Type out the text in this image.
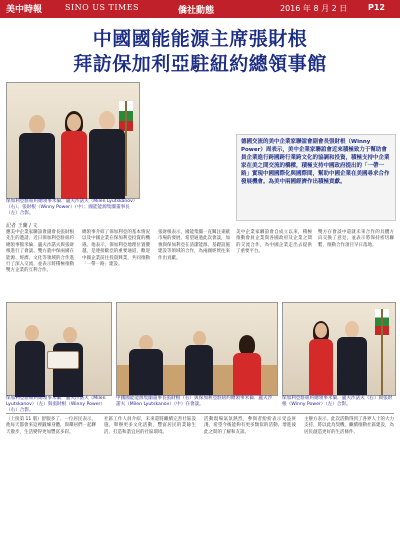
美中時報	SINO US TIMES	僑社動態	2016 年 8 月 2 日	P12
中國國能能源主席張財根
拜訪保加利亞駐紐約總領事館
保加利亞駐紐約總領事米倫．盧夫沙諾夫（Milen Lyutskanov）（右）、張財根（Winny Power）（中）；國能能源集團董事長（左）合影。
德國交流的美中企業家聯誼會副會長張財根（Winny Power）周表示，美中企業家聯誼會近來積極致力于幫助會員企業進行跨國跨行業跨文化的協調和投資，積極支持中企業家在美之間交流的橋樑，積極支持中國政府提出的「一帶一路」實現中國國際化與國際間，幫助中國企業在美國尋求合作發展機會。為美中兩國經濟作出積極貢獻。
記者 王蘭 / 文
應美中企業家聯誼會副會長張財根先生的邀請，近日保加利亞駐紐約總領事館米倫．盧夫沙諾夫與張財根進行了會談。雙方就中保兩國在能源、經濟、文化等領域的合作進行了深入交流，並表示將積極推動雙方企業的互利合作。
總領事介紹了保加利亞的基本情況以及中國企業在保加利亞投資的機遇。他表示，保加利亞地理位置優越，是連接歐亞的重要通道，歡迎中國企業前往投資興業，共同推動「一帶一路」建設。
張財根表示，國能集團一直關注東歐市場的發展，希望通過此次會談，加強與保加利亞在清潔能源、基礎設施建設等領域的合作，為兩國經貿往來作出貢獻。
美中企業家聯誼會自成立以來，積極推動會員企業與各國政府及企業之間的交流合作，為中國企業走出去提供了重要平台。
雙方在會談中還就未來合作的具體方向交換了意見，並表示將保持密切聯繫，推動合作項目早日落地。
保加利亞駐紐約總領事米倫．盧夫沙諾夫（Milen Lyutskanov）（左）與張財根（Winny Power）（右）合影。
中國國能能源集團董事長張財根（右）與保加利亞駐紐約總領事米倫．盧夫沙諾夫（Milen Lyutskanov）（中）在會談。
保加利亞駐紐約總領事米倫．盧夫沙諾夫（右）與張財根（Winny Power）（左）合影。
（上接第 11 版）舒服多了。一位居民表示，他每天都會來這裡鍛煉身體，與鄰居們一起聊天散步，生活變得更加豐富多彩。
社區工作人員介紹，未來還將繼續完善社區設施，舉辦更多文化活動，豐富居民的業餘生活，打造和諧宜居的社區環境。
活動現場氣氛熱烈，參與者紛紛表示受益匪淺，希望今後能夠有更多類似的活動，增進彼此之間的了解和友誼。
主辦方表示，此次活動得到了各界人士的大力支持，將以此為契機，繼續推動社區建設，為居民創造更好的生活條件。
